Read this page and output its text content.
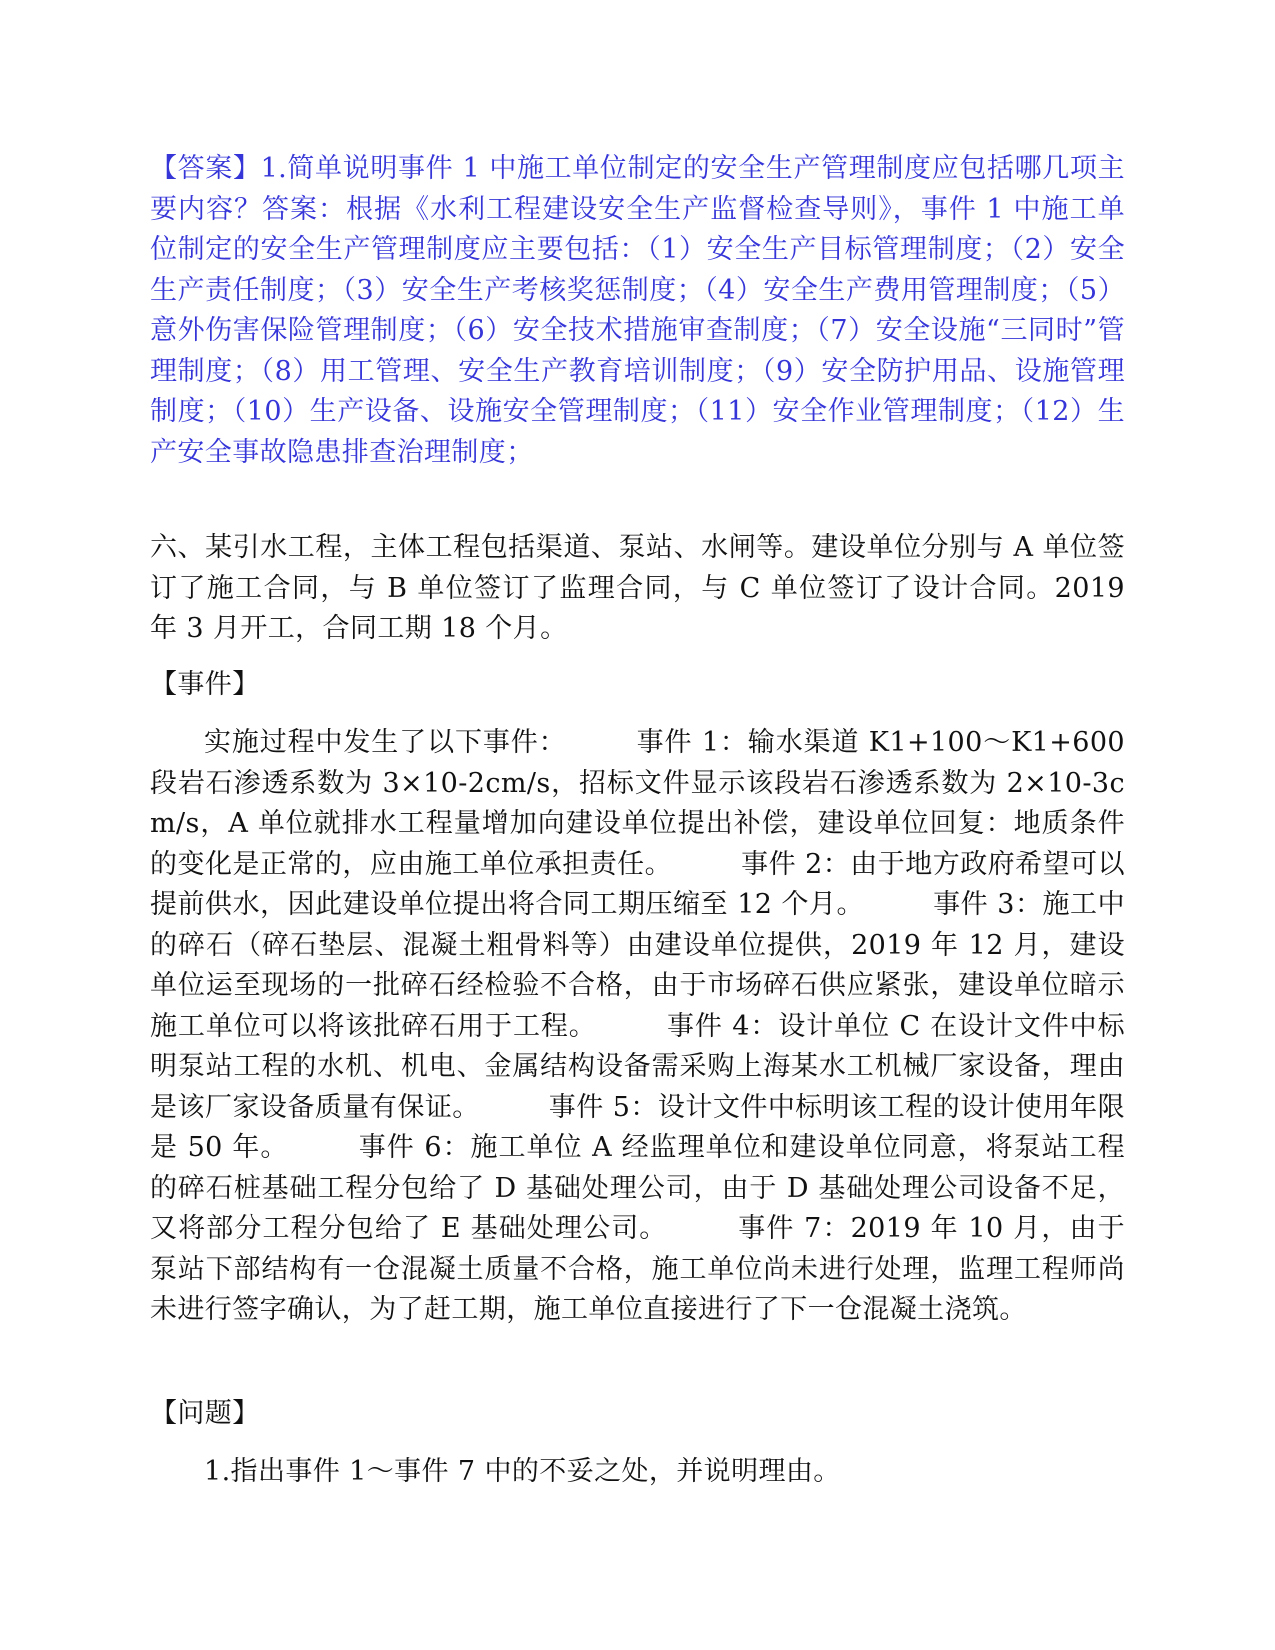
【答案】1.简单说明事件 1 中施工单位制定的安全生产管理制度应包括哪几项主要内容？答案：根据《水利工程建设安全生产监督检查导则》，事件 1 中施工单位制定的安全生产管理制度应主要包括：（1）安全生产目标管理制度；（2）安全生产责任制度；（3）安全生产考核奖惩制度；（4）安全生产费用管理制度；（5）意外伤害保险管理制度；（6）安全技术措施审查制度；（7）安全设施“三同时”管理制度；（8）用工管理、安全生产教育培训制度；（9）安全防护用品、设施管理制度；（10）生产设备、设施安全管理制度；（11）安全作业管理制度；（12）生产安全事故隐患排查治理制度；

六、某引水工程，主体工程包括渠道、泵站、水闸等。建设单位分别与 A 单位签订了施工合同，与 B 单位签订了监理合同，与 C 单位签订了设计合同。2019 年 3 月开工，合同工期 18 个月。

【事件】

实施过程中发生了以下事件：　　　事件 1：输水渠道 K1+100～K1+600 段岩石渗透系数为 3×10-2cm/s，招标文件显示该段岩石渗透系数为 2×10-3cm/s，A 单位就排水工程量增加向建设单位提出补偿，建设单位回复：地质条件的变化是正常的，应由施工单位承担责任。　　　事件 2：由于地方政府希望可以提前供水，因此建设单位提出将合同工期压缩至 12 个月。　　　事件 3：施工中的碎石（碎石垫层、混凝土粗骨料等）由建设单位提供，2019 年 12 月，建设单位运至现场的一批碎石经检验不合格，由于市场碎石供应紧张，建设单位暗示施工单位可以将该批碎石用于工程。　　　事件 4：设计单位 C 在设计文件中标明泵站工程的水机、机电、金属结构设备需采购上海某水工机械厂家设备，理由是该厂家设备质量有保证。　　　事件 5：设计文件中标明该工程的设计使用年限是 50 年。　　　事件 6：施工单位 A 经监理单位和建设单位同意，将泵站工程的碎石桩基础工程分包给了 D 基础处理公司，由于 D 基础处理公司设备不足，又将部分工程分包给了 E 基础处理公司。　　　事件 7：2019 年 10 月，由于泵站下部结构有一仓混凝土质量不合格，施工单位尚未进行处理，监理工程师尚未进行签字确认，为了赶工期，施工单位直接进行了下一仓混凝土浇筑。

【问题】

1.指出事件 1～事件 7 中的不妥之处，并说明理由。
